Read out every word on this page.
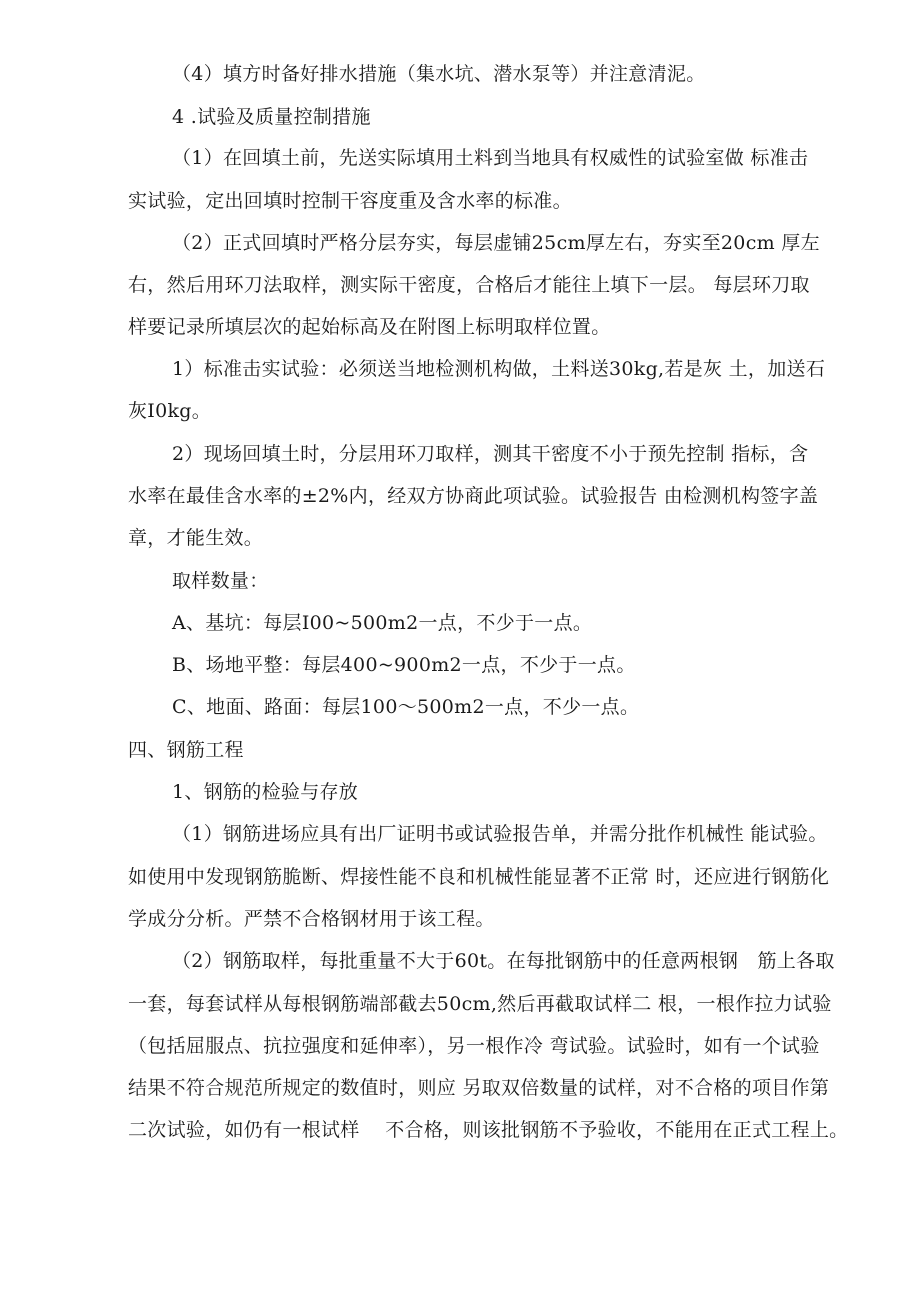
（4）填方时备好排水措施（集水坑、潜水泵等）并注意清泥。
4 .试验及质量控制措施
（1）在回填土前，先送实际填用土料到当地具有权威性的试验室做 标准击
实试验，定出回填时控制干容度重及含水率的标准。
（2）正式回填时严格分层夯实，每层虚铺25cm厚左右，夯实至20cm 厚左
右，然后用环刀法取样，测实际干密度，合格后才能往上填下一层。 每层环刀取
样要记录所填层次的起始标高及在附图上标明取样位置。
1）标准击实试验：必须送当地检测机构做，土料送30kg,若是灰 土，加送石
灰I0kg。
2）现场回填土时，分层用环刀取样，测其干密度不小于预先控制 指标，含
水率在最佳含水率的±2%内，经双方协商此项试验。试验报告 由检测机构签字盖
章，才能生效。
取样数量：
A、基坑：每层I00~500m2一点，不少于一点。
B、场地平整：每层400~900m2一点，不少于一点。
C、地面、路面：每层100～500m2一点，不少一点。
四、钢筋工程
1、钢筋的检验与存放
（1）钢筋进场应具有出厂证明书或试验报告单，并需分批作机械性 能试验。
如使用中发现钢筋脆断、焊接性能不良和机械性能显著不正常 时，还应进行钢筋化
学成分分析。严禁不合格钢材用于该工程。
（2）钢筋取样，每批重量不大于60t。在每批钢筋中的任意两根钢　筋上各取
一套，每套试样从每根钢筋端部截去50cm,然后再截取试样二 根，一根作拉力试验
（包括屈服点、抗拉强度和延伸率），另一根作冷 弯试验。试验时，如有一个试验
结果不符合规范所规定的数值时，则应 另取双倍数量的试样，对不合格的项目作第
二次试验，如仍有一根试样　 不合格，则该批钢筋不予验收，不能用在正式工程上。
